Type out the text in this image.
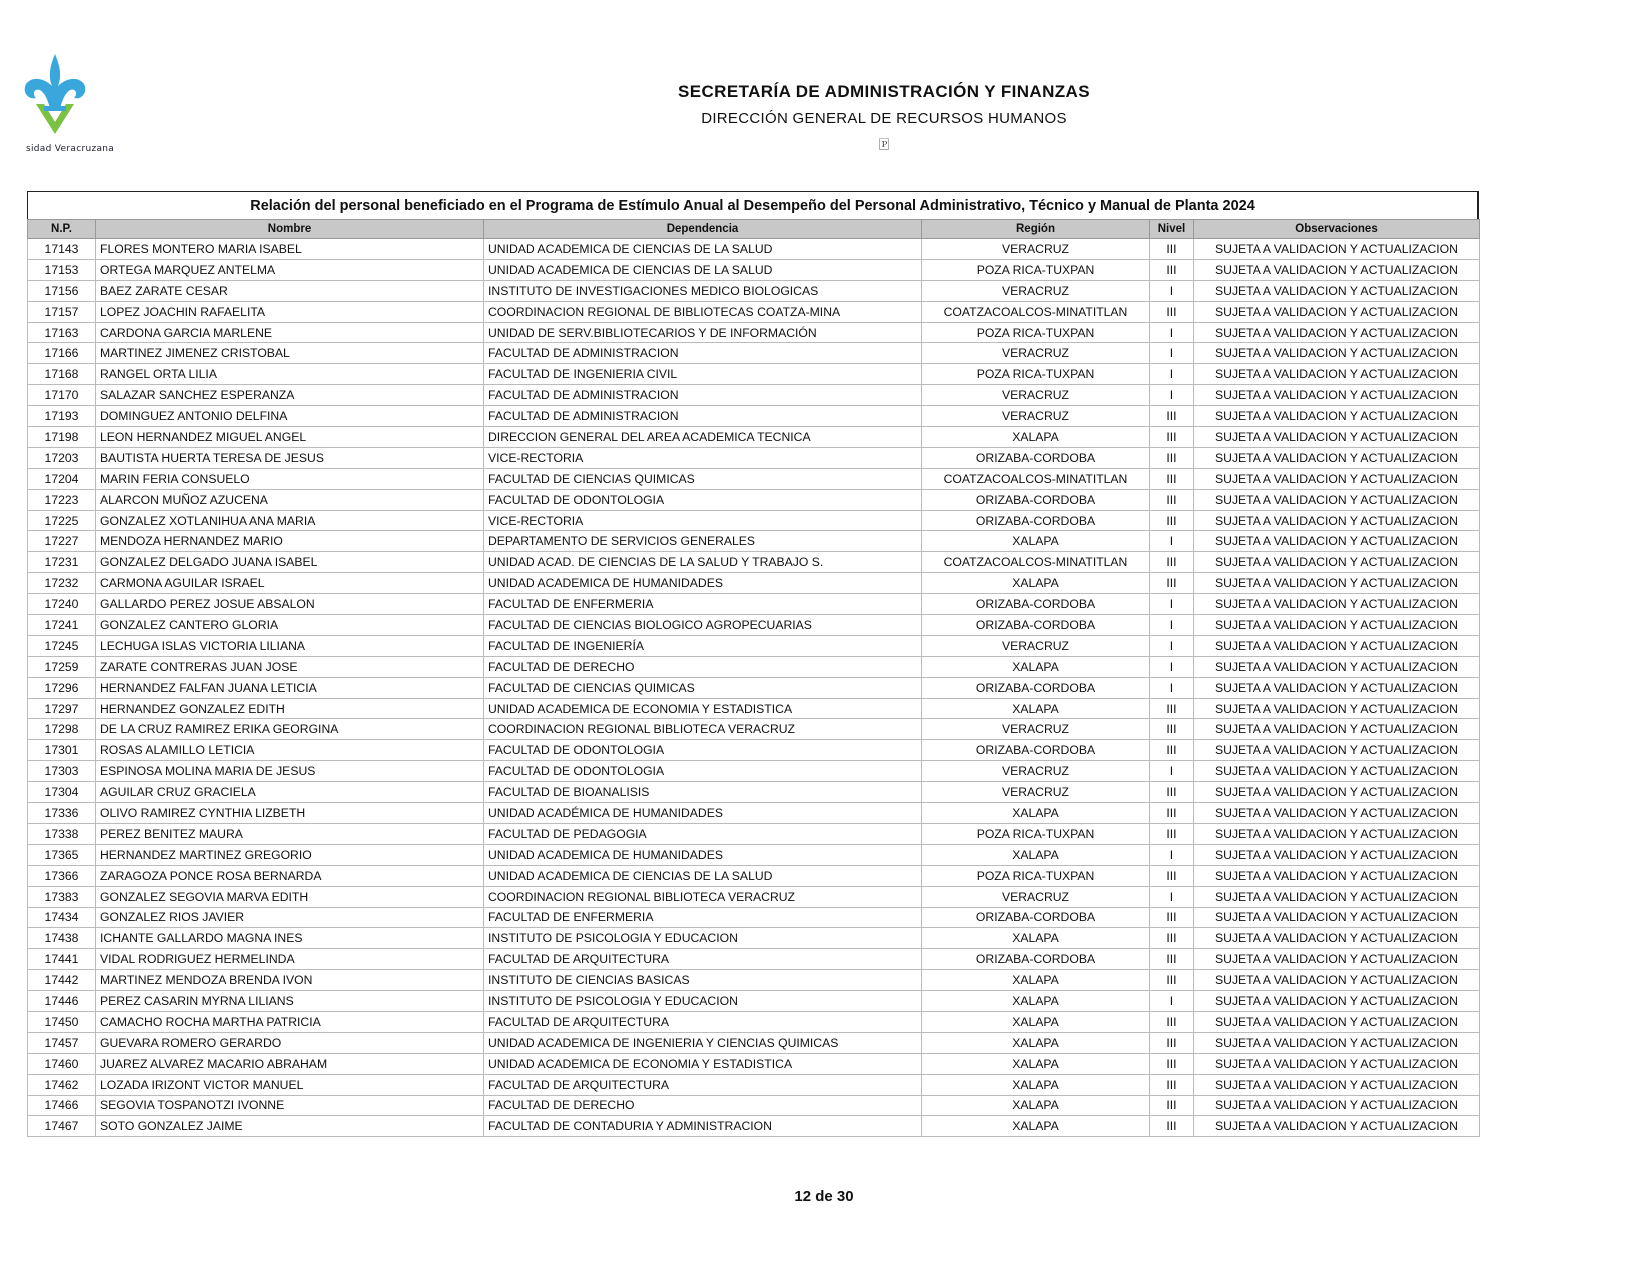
sidad Veracruzana
SECRETARÍA DE ADMINISTRACIÓN Y FINANZAS
DIRECCIÓN GENERAL DE RECURSOS HUMANOS
🄿
Relación del personal beneficiado en el Programa de Estímulo Anual al Desempeño del Personal Administrativo, Técnico y Manual de Planta 2024
N.P.	Nombre	Dependencia	Región	Nivel	Observaciones
17143	FLORES MONTERO MARIA ISABEL	UNIDAD ACADEMICA DE CIENCIAS DE LA SALUD	VERACRUZ	III	SUJETA A VALIDACION Y ACTUALIZACION
17153	ORTEGA MARQUEZ ANTELMA	UNIDAD ACADEMICA DE CIENCIAS DE LA SALUD	POZA RICA-TUXPAN	III	SUJETA A VALIDACION Y ACTUALIZACION
17156	BAEZ ZARATE CESAR	INSTITUTO DE INVESTIGACIONES MEDICO BIOLOGICAS	VERACRUZ	I	SUJETA A VALIDACION Y ACTUALIZACION
17157	LOPEZ JOACHIN RAFAELITA	COORDINACION REGIONAL DE BIBLIOTECAS COATZA-MINA	COATZACOALCOS-MINATITLAN	III	SUJETA A VALIDACION Y ACTUALIZACION
17163	CARDONA GARCIA MARLENE	UNIDAD DE SERV.BIBLIOTECARIOS Y DE INFORMACIÓN	POZA RICA-TUXPAN	I	SUJETA A VALIDACION Y ACTUALIZACION
17166	MARTINEZ JIMENEZ CRISTOBAL	FACULTAD DE ADMINISTRACION	VERACRUZ	I	SUJETA A VALIDACION Y ACTUALIZACION
17168	RANGEL ORTA LILIA	FACULTAD DE INGENIERIA CIVIL	POZA RICA-TUXPAN	I	SUJETA A VALIDACION Y ACTUALIZACION
17170	SALAZAR SANCHEZ ESPERANZA	FACULTAD DE ADMINISTRACION	VERACRUZ	I	SUJETA A VALIDACION Y ACTUALIZACION
17193	DOMINGUEZ ANTONIO DELFINA	FACULTAD DE ADMINISTRACION	VERACRUZ	III	SUJETA A VALIDACION Y ACTUALIZACION
17198	LEON HERNANDEZ MIGUEL ANGEL	DIRECCION GENERAL DEL AREA ACADEMICA TECNICA	XALAPA	III	SUJETA A VALIDACION Y ACTUALIZACION
17203	BAUTISTA HUERTA TERESA DE JESUS	VICE-RECTORIA	ORIZABA-CORDOBA	III	SUJETA A VALIDACION Y ACTUALIZACION
17204	MARIN FERIA CONSUELO	FACULTAD DE CIENCIAS QUIMICAS	COATZACOALCOS-MINATITLAN	III	SUJETA A VALIDACION Y ACTUALIZACION
17223	ALARCON MUÑOZ AZUCENA	FACULTAD DE ODONTOLOGIA	ORIZABA-CORDOBA	III	SUJETA A VALIDACION Y ACTUALIZACION
17225	GONZALEZ XOTLANIHUA ANA MARIA	VICE-RECTORIA	ORIZABA-CORDOBA	III	SUJETA A VALIDACION Y ACTUALIZACION
17227	MENDOZA HERNANDEZ MARIO	DEPARTAMENTO DE SERVICIOS GENERALES	XALAPA	I	SUJETA A VALIDACION Y ACTUALIZACION
17231	GONZALEZ DELGADO JUANA ISABEL	UNIDAD ACAD. DE CIENCIAS DE LA SALUD Y TRABAJO S.	COATZACOALCOS-MINATITLAN	III	SUJETA A VALIDACION Y ACTUALIZACION
17232	CARMONA AGUILAR ISRAEL	UNIDAD ACADEMICA DE HUMANIDADES	XALAPA	III	SUJETA A VALIDACION Y ACTUALIZACION
17240	GALLARDO PEREZ JOSUE ABSALON	FACULTAD DE ENFERMERIA	ORIZABA-CORDOBA	I	SUJETA A VALIDACION Y ACTUALIZACION
17241	GONZALEZ CANTERO GLORIA	FACULTAD DE CIENCIAS BIOLOGICO AGROPECUARIAS	ORIZABA-CORDOBA	I	SUJETA A VALIDACION Y ACTUALIZACION
17245	LECHUGA ISLAS VICTORIA LILIANA	FACULTAD DE INGENIERÍA	VERACRUZ	I	SUJETA A VALIDACION Y ACTUALIZACION
17259	ZARATE CONTRERAS JUAN JOSE	FACULTAD DE DERECHO	XALAPA	I	SUJETA A VALIDACION Y ACTUALIZACION
17296	HERNANDEZ FALFAN JUANA LETICIA	FACULTAD DE CIENCIAS QUIMICAS	ORIZABA-CORDOBA	I	SUJETA A VALIDACION Y ACTUALIZACION
17297	HERNANDEZ GONZALEZ EDITH	UNIDAD ACADEMICA DE ECONOMIA Y ESTADISTICA	XALAPA	III	SUJETA A VALIDACION Y ACTUALIZACION
17298	DE LA CRUZ RAMIREZ ERIKA GEORGINA	COORDINACION REGIONAL BIBLIOTECA VERACRUZ	VERACRUZ	III	SUJETA A VALIDACION Y ACTUALIZACION
17301	ROSAS ALAMILLO LETICIA	FACULTAD DE ODONTOLOGIA	ORIZABA-CORDOBA	III	SUJETA A VALIDACION Y ACTUALIZACION
17303	ESPINOSA MOLINA MARIA DE JESUS	FACULTAD DE ODONTOLOGIA	VERACRUZ	I	SUJETA A VALIDACION Y ACTUALIZACION
17304	AGUILAR CRUZ GRACIELA	FACULTAD DE BIOANALISIS	VERACRUZ	III	SUJETA A VALIDACION Y ACTUALIZACION
17336	OLIVO RAMIREZ CYNTHIA LIZBETH	UNIDAD ACADÉMICA DE HUMANIDADES	XALAPA	III	SUJETA A VALIDACION Y ACTUALIZACION
17338	PEREZ BENITEZ MAURA	FACULTAD DE PEDAGOGIA	POZA RICA-TUXPAN	III	SUJETA A VALIDACION Y ACTUALIZACION
17365	HERNANDEZ MARTINEZ GREGORIO	UNIDAD ACADEMICA DE HUMANIDADES	XALAPA	I	SUJETA A VALIDACION Y ACTUALIZACION
17366	ZARAGOZA PONCE ROSA BERNARDA	UNIDAD ACADEMICA DE CIENCIAS DE LA SALUD	POZA RICA-TUXPAN	III	SUJETA A VALIDACION Y ACTUALIZACION
17383	GONZALEZ SEGOVIA MARVA EDITH	COORDINACION REGIONAL BIBLIOTECA VERACRUZ	VERACRUZ	I	SUJETA A VALIDACION Y ACTUALIZACION
17434	GONZALEZ RIOS JAVIER	FACULTAD DE ENFERMERIA	ORIZABA-CORDOBA	III	SUJETA A VALIDACION Y ACTUALIZACION
17438	ICHANTE GALLARDO MAGNA INES	INSTITUTO DE PSICOLOGIA Y EDUCACION	XALAPA	III	SUJETA A VALIDACION Y ACTUALIZACION
17441	VIDAL RODRIGUEZ HERMELINDA	FACULTAD DE ARQUITECTURA	ORIZABA-CORDOBA	III	SUJETA A VALIDACION Y ACTUALIZACION
17442	MARTINEZ MENDOZA BRENDA IVON	INSTITUTO DE CIENCIAS BASICAS	XALAPA	III	SUJETA A VALIDACION Y ACTUALIZACION
17446	PEREZ CASARIN MYRNA LILIANS	INSTITUTO DE PSICOLOGIA Y EDUCACION	XALAPA	I	SUJETA A VALIDACION Y ACTUALIZACION
17450	CAMACHO ROCHA MARTHA PATRICIA	FACULTAD DE ARQUITECTURA	XALAPA	III	SUJETA A VALIDACION Y ACTUALIZACION
17457	GUEVARA ROMERO GERARDO	UNIDAD ACADEMICA DE INGENIERIA Y CIENCIAS QUIMICAS	XALAPA	III	SUJETA A VALIDACION Y ACTUALIZACION
17460	JUAREZ ALVAREZ MACARIO ABRAHAM	UNIDAD ACADEMICA DE ECONOMIA Y ESTADISTICA	XALAPA	III	SUJETA A VALIDACION Y ACTUALIZACION
17462	LOZADA IRIZONT VICTOR MANUEL	FACULTAD DE ARQUITECTURA	XALAPA	III	SUJETA A VALIDACION Y ACTUALIZACION
17466	SEGOVIA TOSPANOTZI IVONNE	FACULTAD DE DERECHO	XALAPA	III	SUJETA A VALIDACION Y ACTUALIZACION
17467	SOTO GONZALEZ JAIME	FACULTAD DE CONTADURIA Y ADMINISTRACION	XALAPA	III	SUJETA A VALIDACION Y ACTUALIZACION
12 de 30
